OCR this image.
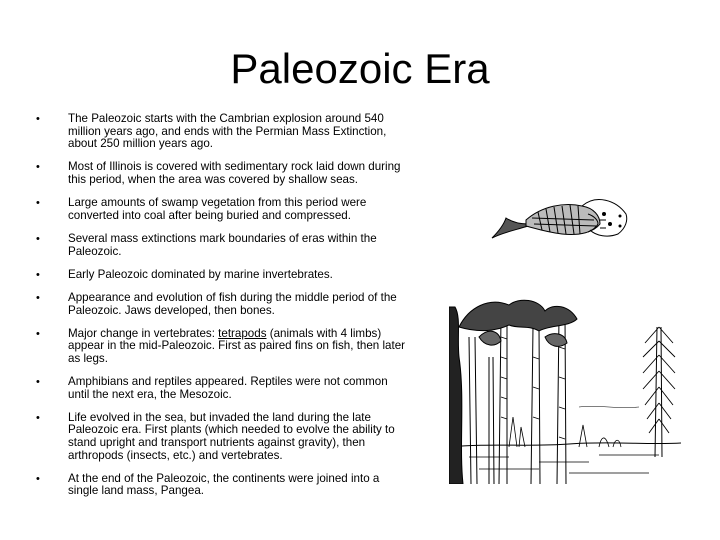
Paleozoic Era
• The Paleozoic starts with the Cambrian explosion around 540 million years ago, and ends with the Permian Mass Extinction, about 250 million years ago.
• Most of Illinois is covered with sedimentary rock laid down during this period, when the area was covered by shallow seas.
• Large amounts of swamp vegetation from this period were converted into coal after being buried and compressed.
• Several mass extinctions mark boundaries of eras within the Paleozoic.
• Early Paleozoic dominated by marine invertebrates.
• Appearance and evolution of fish during the middle period of the Paleozoic. Jaws developed, then bones.
• Major change in vertebrates: tetrapods (animals with 4 limbs) appear in the mid-Paleozoic. First as paired fins on fish, then later as legs.
• Amphibians and reptiles appeared. Reptiles were not common until the next era, the Mesozoic.
• Life evolved in the sea, but invaded the land during the late Paleozoic era. First plants (which needed to evolve the ability to stand upright and transport nutrients against gravity), then arthropods (insects, etc.) and vertebrates.
• At the end of the Paleozoic, the continents were joined into a single land mass, Pangea.
